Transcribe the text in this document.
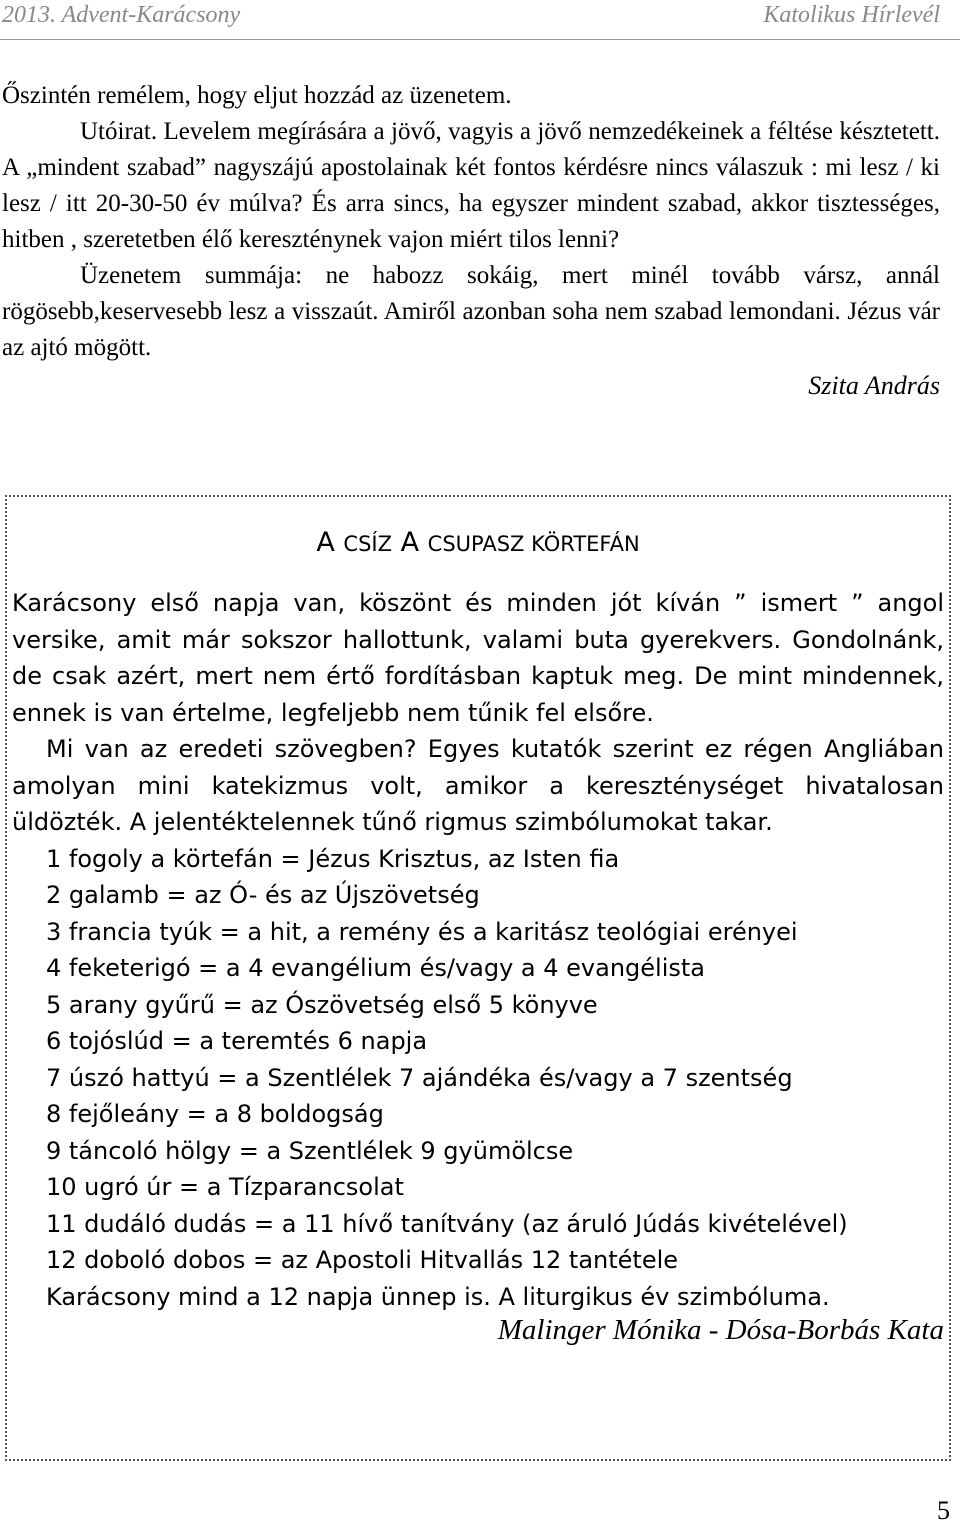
2013. Advent-Karácsony	Katolikus Hírlevél

Őszintén remélem, hogy eljut hozzád az üzenetem.

Utóirat. Levelem megírására a jövő, vagyis a jövő nemzedékeinek a féltése késztetett. A „mindent szabad” nagyszájú apostolainak két fontos kérdésre nincs válaszuk : mi lesz / ki lesz / itt 20-30-50 év múlva? És arra sincs, ha egyszer mindent szabad, akkor tisztességes, hitben , szeretetben élő kereszténynek vajon miért tilos lenni?

Üzenetem summája: ne habozz sokáig, mert minél tovább vársz, annál rögösebb,keservesebb lesz a visszaút. Amiről azonban soha nem szabad lemondani. Jézus vár az ajtó mögött.

Szita András

A CSÍZ A CSUPASZ KÖRTEFÁN

Karácsony első napja van, köszönt és minden jót kíván ” ismert ” angol versike, amit már sokszor hallottunk, valami buta gyerekvers. Gondolnánk, de csak azért, mert nem értő fordításban kaptuk meg. De mint mindennek, ennek is van értelme, legfeljebb nem tűnik fel elsőre.

Mi van az eredeti szövegben? Egyes kutatók szerint ez régen Angliában amolyan mini katekizmus volt, amikor a kereszténységet hivatalosan üldözték. A jelentéktelennek tűnő rigmus szimbólumokat takar.

1 fogoly a körtefán = Jézus Krisztus, az Isten fia
2 galamb = az Ó- és az Újszövetség
3 francia tyúk = a hit, a remény és a karitász teológiai erényei
4 feketerigó = a 4 evangélium és/vagy a 4 evangélista
5 arany gyűrű = az Ószövetség első 5 könyve
6 tojóslúd = a teremtés 6 napja
7 úszó hattyú = a Szentlélek 7 ajándéka és/vagy a 7 szentség
8 fejőleány = a 8 boldogság
9 táncoló hölgy = a Szentlélek 9 gyümölcse
10 ugró úr = a Tízparancsolat
11 dudáló dudás = a 11 hívő tanítvány (az áruló Júdás kivételével)
12 doboló dobos = az Apostoli Hitvallás 12 tantétele
Karácsony mind a 12 napja ünnep is. A liturgikus év szimbóluma.
Malinger Mónika - Dósa-Borbás Kata
5
